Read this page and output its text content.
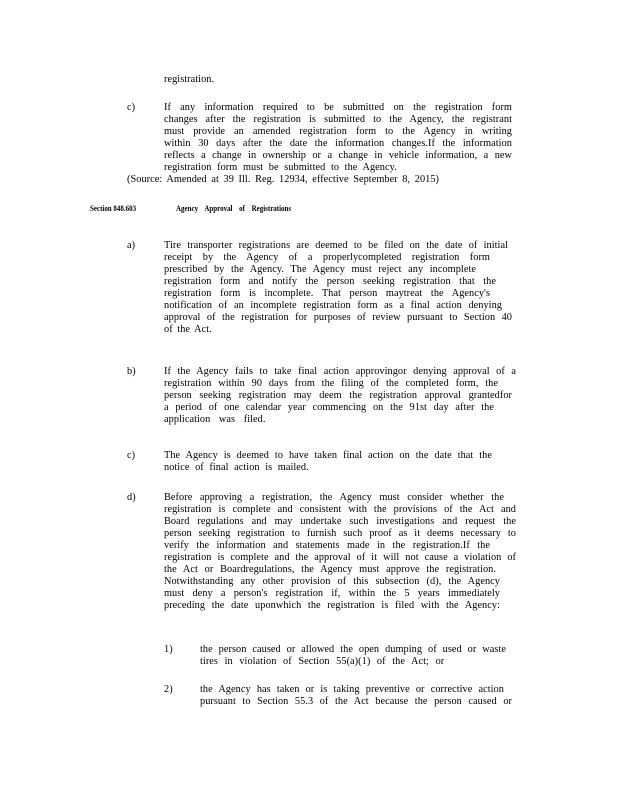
registration.
c)	If any information required to be submitted on the registration form
changes after the registration is submitted to the Agency, the registrant
must provide an amended registration form to the Agency in writing
within 30 days after the date the information changes.If the information
reflects a change in ownership or a change in vehicle information, a new
registration form must be submitted to the Agency.
(Source: Amended at 39 Ill. Reg. 12934, effective September 8, 2015)
Section 848.603	Agency Approval of Registrations
a)	Tire transporter registrations are deemed to be filed on the date of initial
receipt by the Agency of a properlycompleted registration form
prescribed by the Agency. The Agency must reject any incomplete
registration form and notify the person seeking registration that the
registration form is incomplete. That person maytreat the Agency's
notification of an incomplete registration form as a final action denying
approval of the registration for purposes of review pursuant to Section 40
of the Act.
b)	If the Agency fails to take final action approvingor denying approval of a
registration within 90 days from the filing of the completed form, the
person seeking registration may deem the registration approval grantedfor
a period of one calendar year commencing on the 91st day after the
application was filed.
c)	The Agency is deemed to have taken final action on the date that the
notice of final action is mailed.
d)	Before approving a registration, the Agency must consider whether the
registration is complete and consistent with the provisions of the Act and
Board regulations and may undertake such investigations and request the
person seeking registration to furnish such proof as it deems necessary to
verify the information and statements made in the registration.If the
registration is complete and the approval of it will not cause a violation of
the Act or Boardregulations, the Agency must approve the registration.
Notwithstanding any other provision of this subsection (d), the Agency
must deny a person's registration if, within the 5 years immediately
preceding the date uponwhich the registration is filed with the Agency:
1)	the person caused or allowed the open dumping of used or waste
tires in violation of Section 55(a)(1) of the Act; or
2)	the Agency has taken or is taking preventive or corrective action
pursuant to Section 55.3 of the Act because the person caused or
